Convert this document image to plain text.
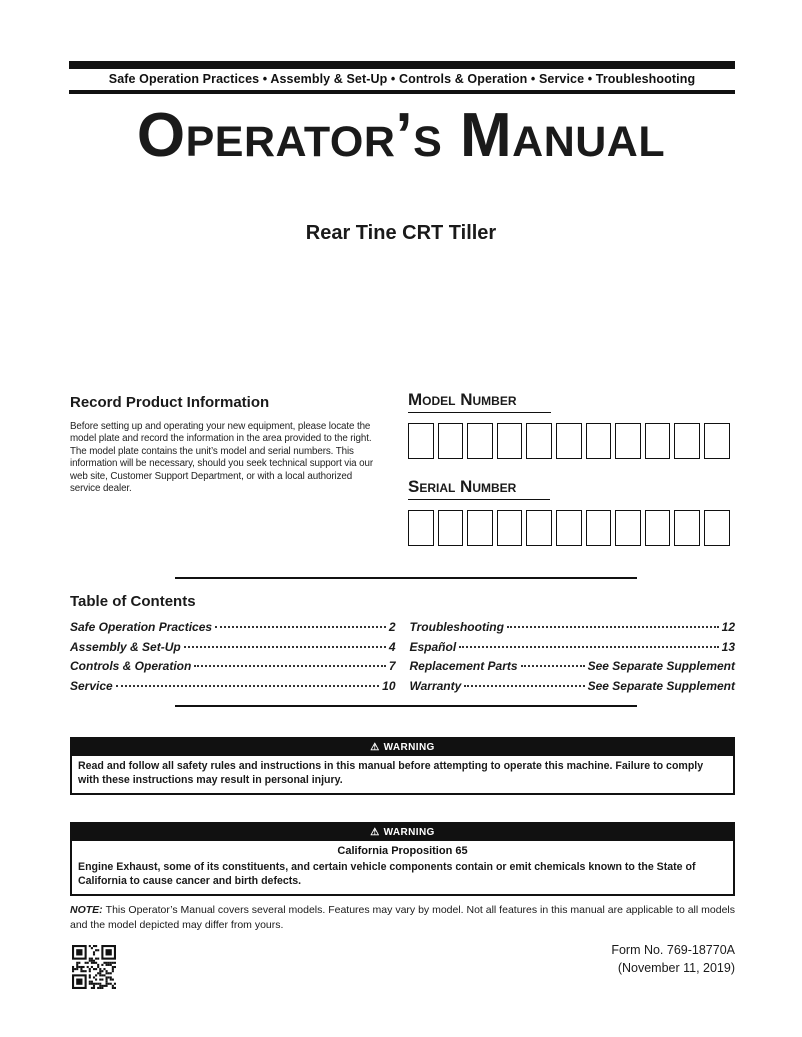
Safe Operation Practices • Assembly & Set-Up • Controls & Operation • Service • Troubleshooting
Operator’s Manual
Rear Tine CRT Tiller
Record Product Information

Before setting up and operating your new equipment, please locate the model plate and record the information in the area provided to the right. The model plate contains the unit’s model and serial numbers. This information will be necessary, should you seek technical support via our web site, Customer Support Department, or with a local authorized service dealer.

Model Number
Serial Number
Table of Contents
Safe Operation Practices	2
Assembly & Set-Up	4
Controls & Operation	7
Service	10
Troubleshooting	12
Español	13
Replacement Parts	See Separate Supplement
Warranty	See Separate Supplement
⚠ WARNING
Read and follow all safety rules and instructions in this manual before attempting to operate this machine. Failure to comply with these instructions may result in personal injury.
⚠ WARNING
California Proposition 65
Engine Exhaust, some of its constituents, and certain vehicle components contain or emit chemicals known to the State of California to cause cancer and birth defects.

NOTE: This Operator’s Manual covers several models. Features may vary by model. Not all features in this manual are applicable to all models and the model depicted may differ from yours.

Form No. 769-18770A
(November 11, 2019)
